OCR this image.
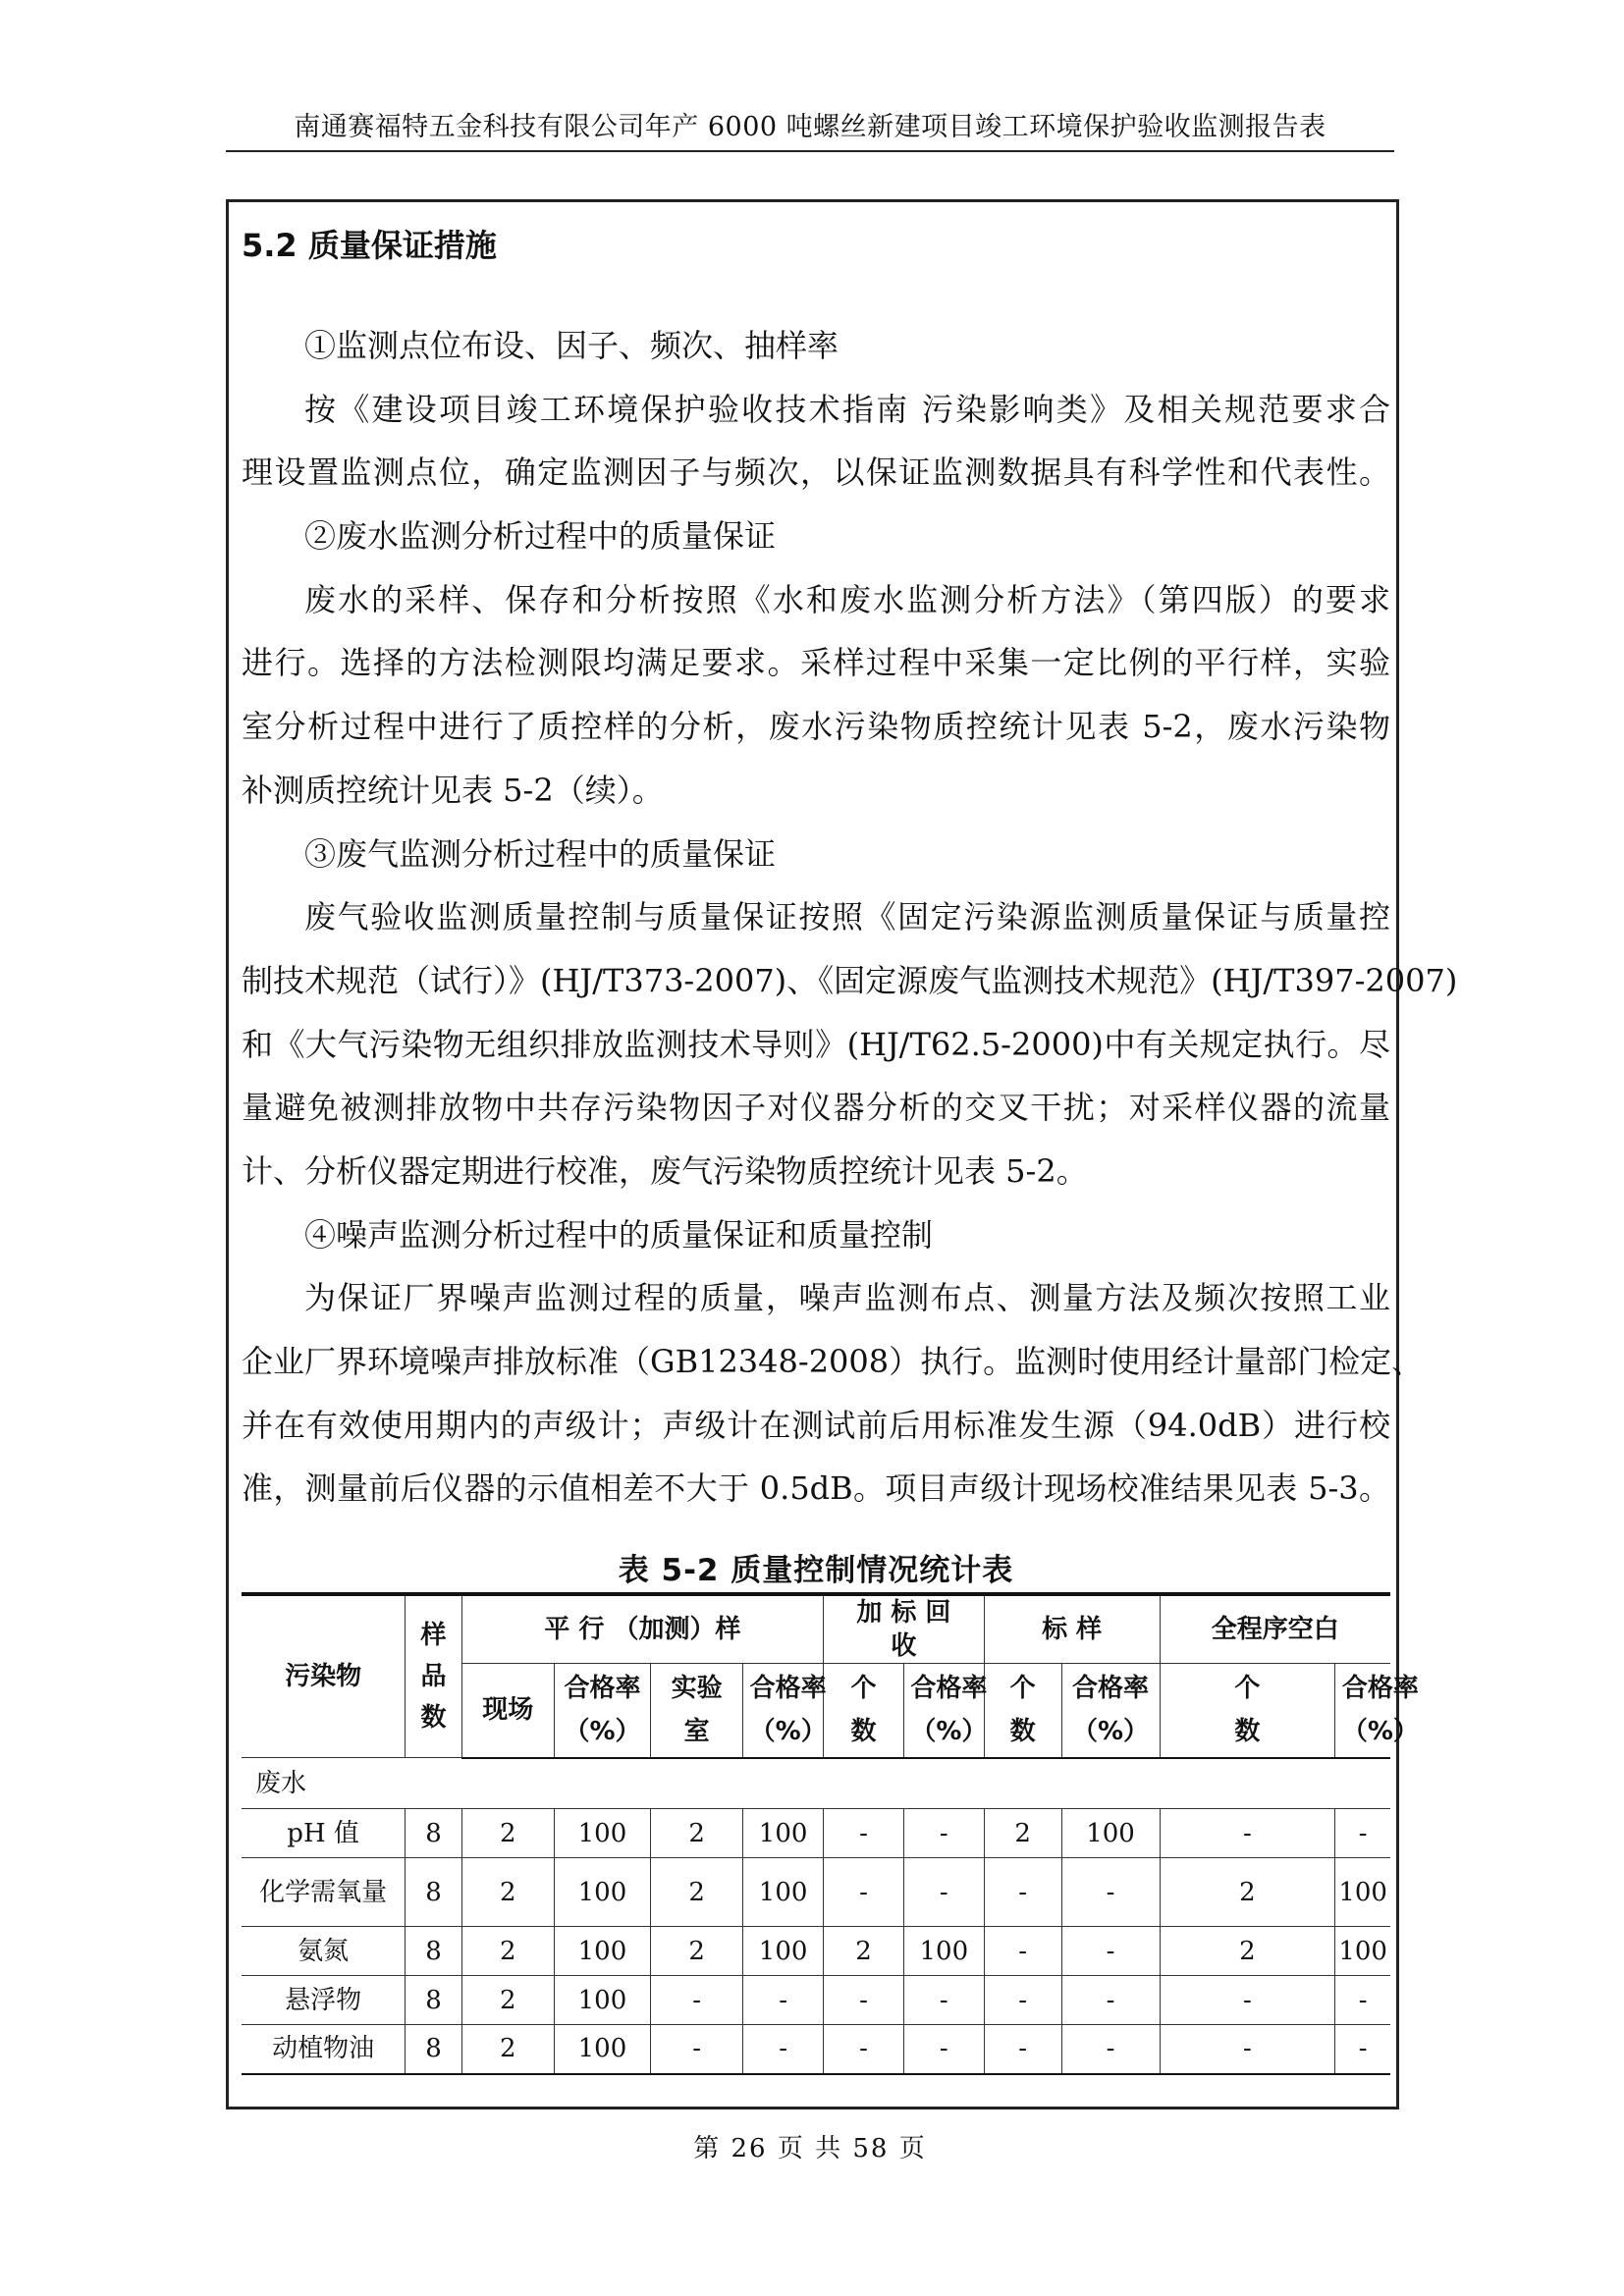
南通赛福特五金科技有限公司年产 6000 吨螺丝新建项目竣工环境保护验收监测报告表
5.2 质量保证措施
①监测点位布设、因子、频次、抽样率
按《建设项目竣工环境保护验收技术指南 污染影响类》及相关规范要求合
理设置监测点位，确定监测因子与频次，以保证监测数据具有科学性和代表性。
②废水监测分析过程中的质量保证
废水的采样、保存和分析按照《水和废水监测分析方法》（第四版）的要求
进行。选择的方法检测限均满足要求。采样过程中采集一定比例的平行样，实验
室分析过程中进行了质控样的分析，废水污染物质控统计见表 5-2，废水污染物
补测质控统计见表 5-2（续）。
③废气监测分析过程中的质量保证
废气验收监测质量控制与质量保证按照《固定污染源监测质量保证与质量控
制技术规范（试行）》(HJ/T373-2007)、《固定源废气监测技术规范》(HJ/T397-2007)
和《大气污染物无组织排放监测技术导则》(HJ/T62.5-2000)中有关规定执行。尽
量避免被测排放物中共存污染物因子对仪器分析的交叉干扰；对采样仪器的流量
计、分析仪器定期进行校准，废气污染物质控统计见表 5-2。
④噪声监测分析过程中的质量保证和质量控制
为保证厂界噪声监测过程的质量，噪声监测布点、测量方法及频次按照工业
企业厂界环境噪声排放标准（GB12348-2008）执行。监测时使用经计量部门检定、
并在有效使用期内的声级计；声级计在测试前后用标准发生源（94.0dB）进行校
准，测量前后仪器的示值相差不大于 0.5dB。项目声级计现场校准结果见表 5-3。
表 5-2 质量控制情况统计表
污染物	样品数	平 行 （加测）样				加 标 回 收		标 样		全程序空白	
		现场	合格率（%）	实验室	合格率（%）	个数	合格率（%）	个数	合格率（%）	个数	合格率（%）
废水											
pH 值	8	2	100	2	100	-	-	2	100	-	-
化学需氧量	8	2	100	2	100	-	-	-	-	2	100
氨氮	8	2	100	2	100	2	100	-	-	2	100
悬浮物	8	2	100	-	-	-	-	-	-	-	-
动植物油	8	2	100	-	-	-	-	-	-	-	-
第 26 页 共 58 页
